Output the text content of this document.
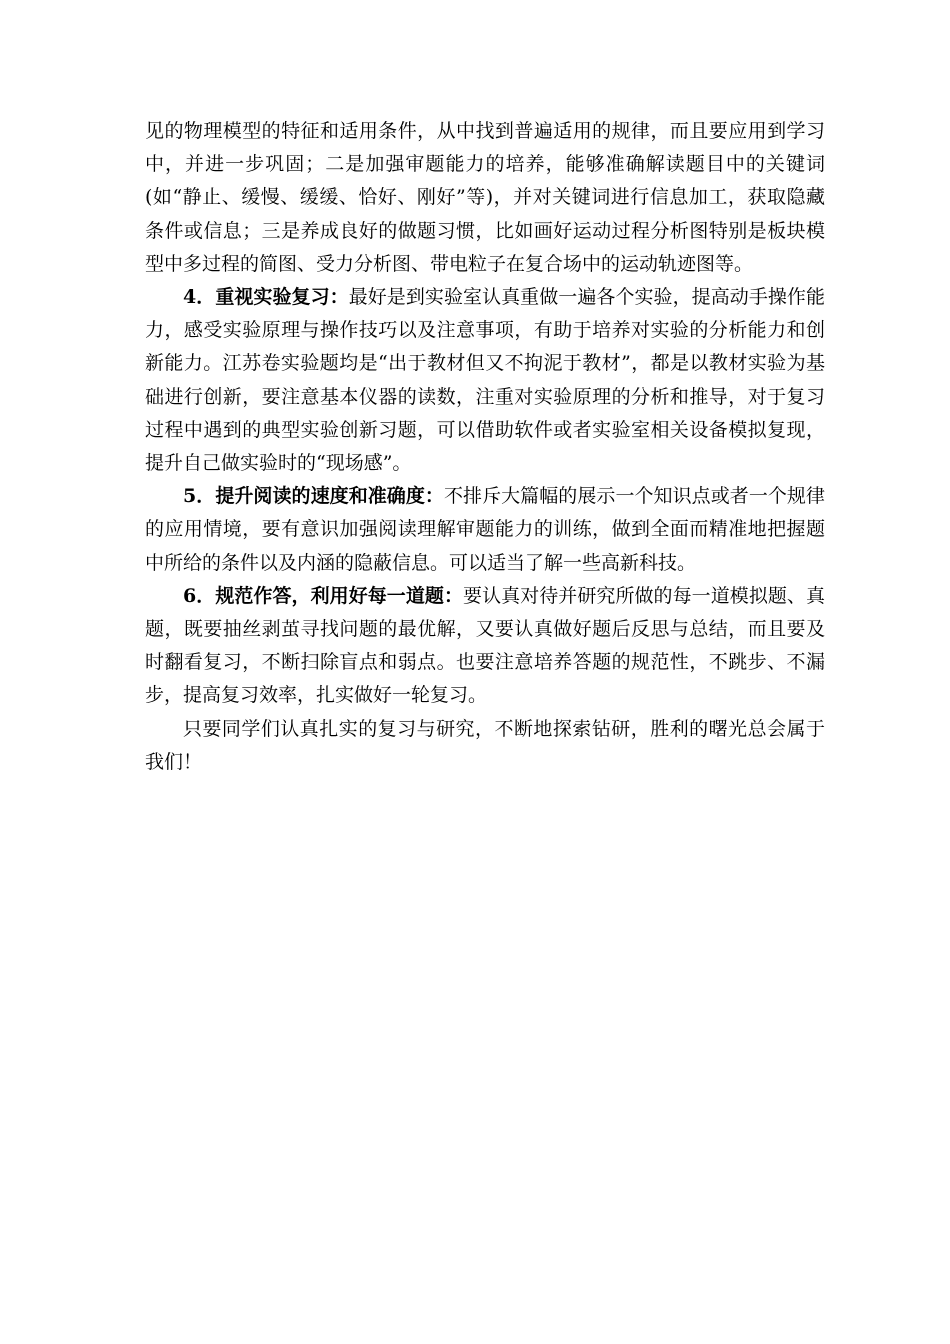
见的物理模型的特征和适用条件，从中找到普遍适用的规律，而且要应用到学习中，并进一步巩固；二是加强审题能力的培养，能够准确解读题目中的关键词(如“静止、缓慢、缓缓、恰好、刚好”等)，并对关键词进行信息加工，获取隐藏条件或信息；三是养成良好的做题习惯，比如画好运动过程分析图特别是板块模型中多过程的简图、受力分析图、带电粒子在复合场中的运动轨迹图等。

4．重视实验复习：最好是到实验室认真重做一遍各个实验，提高动手操作能力，感受实验原理与操作技巧以及注意事项，有助于培养对实验的分析能力和创新能力。江苏卷实验题均是“出于教材但又不拘泥于教材”，都是以教材实验为基础进行创新，要注意基本仪器的读数，注重对实验原理的分析和推导，对于复习过程中遇到的典型实验创新习题，可以借助软件或者实验室相关设备模拟复现，提升自己做实验时的“现场感”。

5．提升阅读的速度和准确度：不排斥大篇幅的展示一个知识点或者一个规律的应用情境，要有意识加强阅读理解审题能力的训练，做到全面而精准地把握题中所给的条件以及内涵的隐蔽信息。可以适当了解一些高新科技。

6．规范作答，利用好每一道题：要认真对待并研究所做的每一道模拟题、真题，既要抽丝剥茧寻找问题的最优解，又要认真做好题后反思与总结，而且要及时翻看复习，不断扫除盲点和弱点。也要注意培养答题的规范性，不跳步、不漏步，提高复习效率，扎实做好一轮复习。

只要同学们认真扎实的复习与研究，不断地探索钻研，胜利的曙光总会属于我们！
